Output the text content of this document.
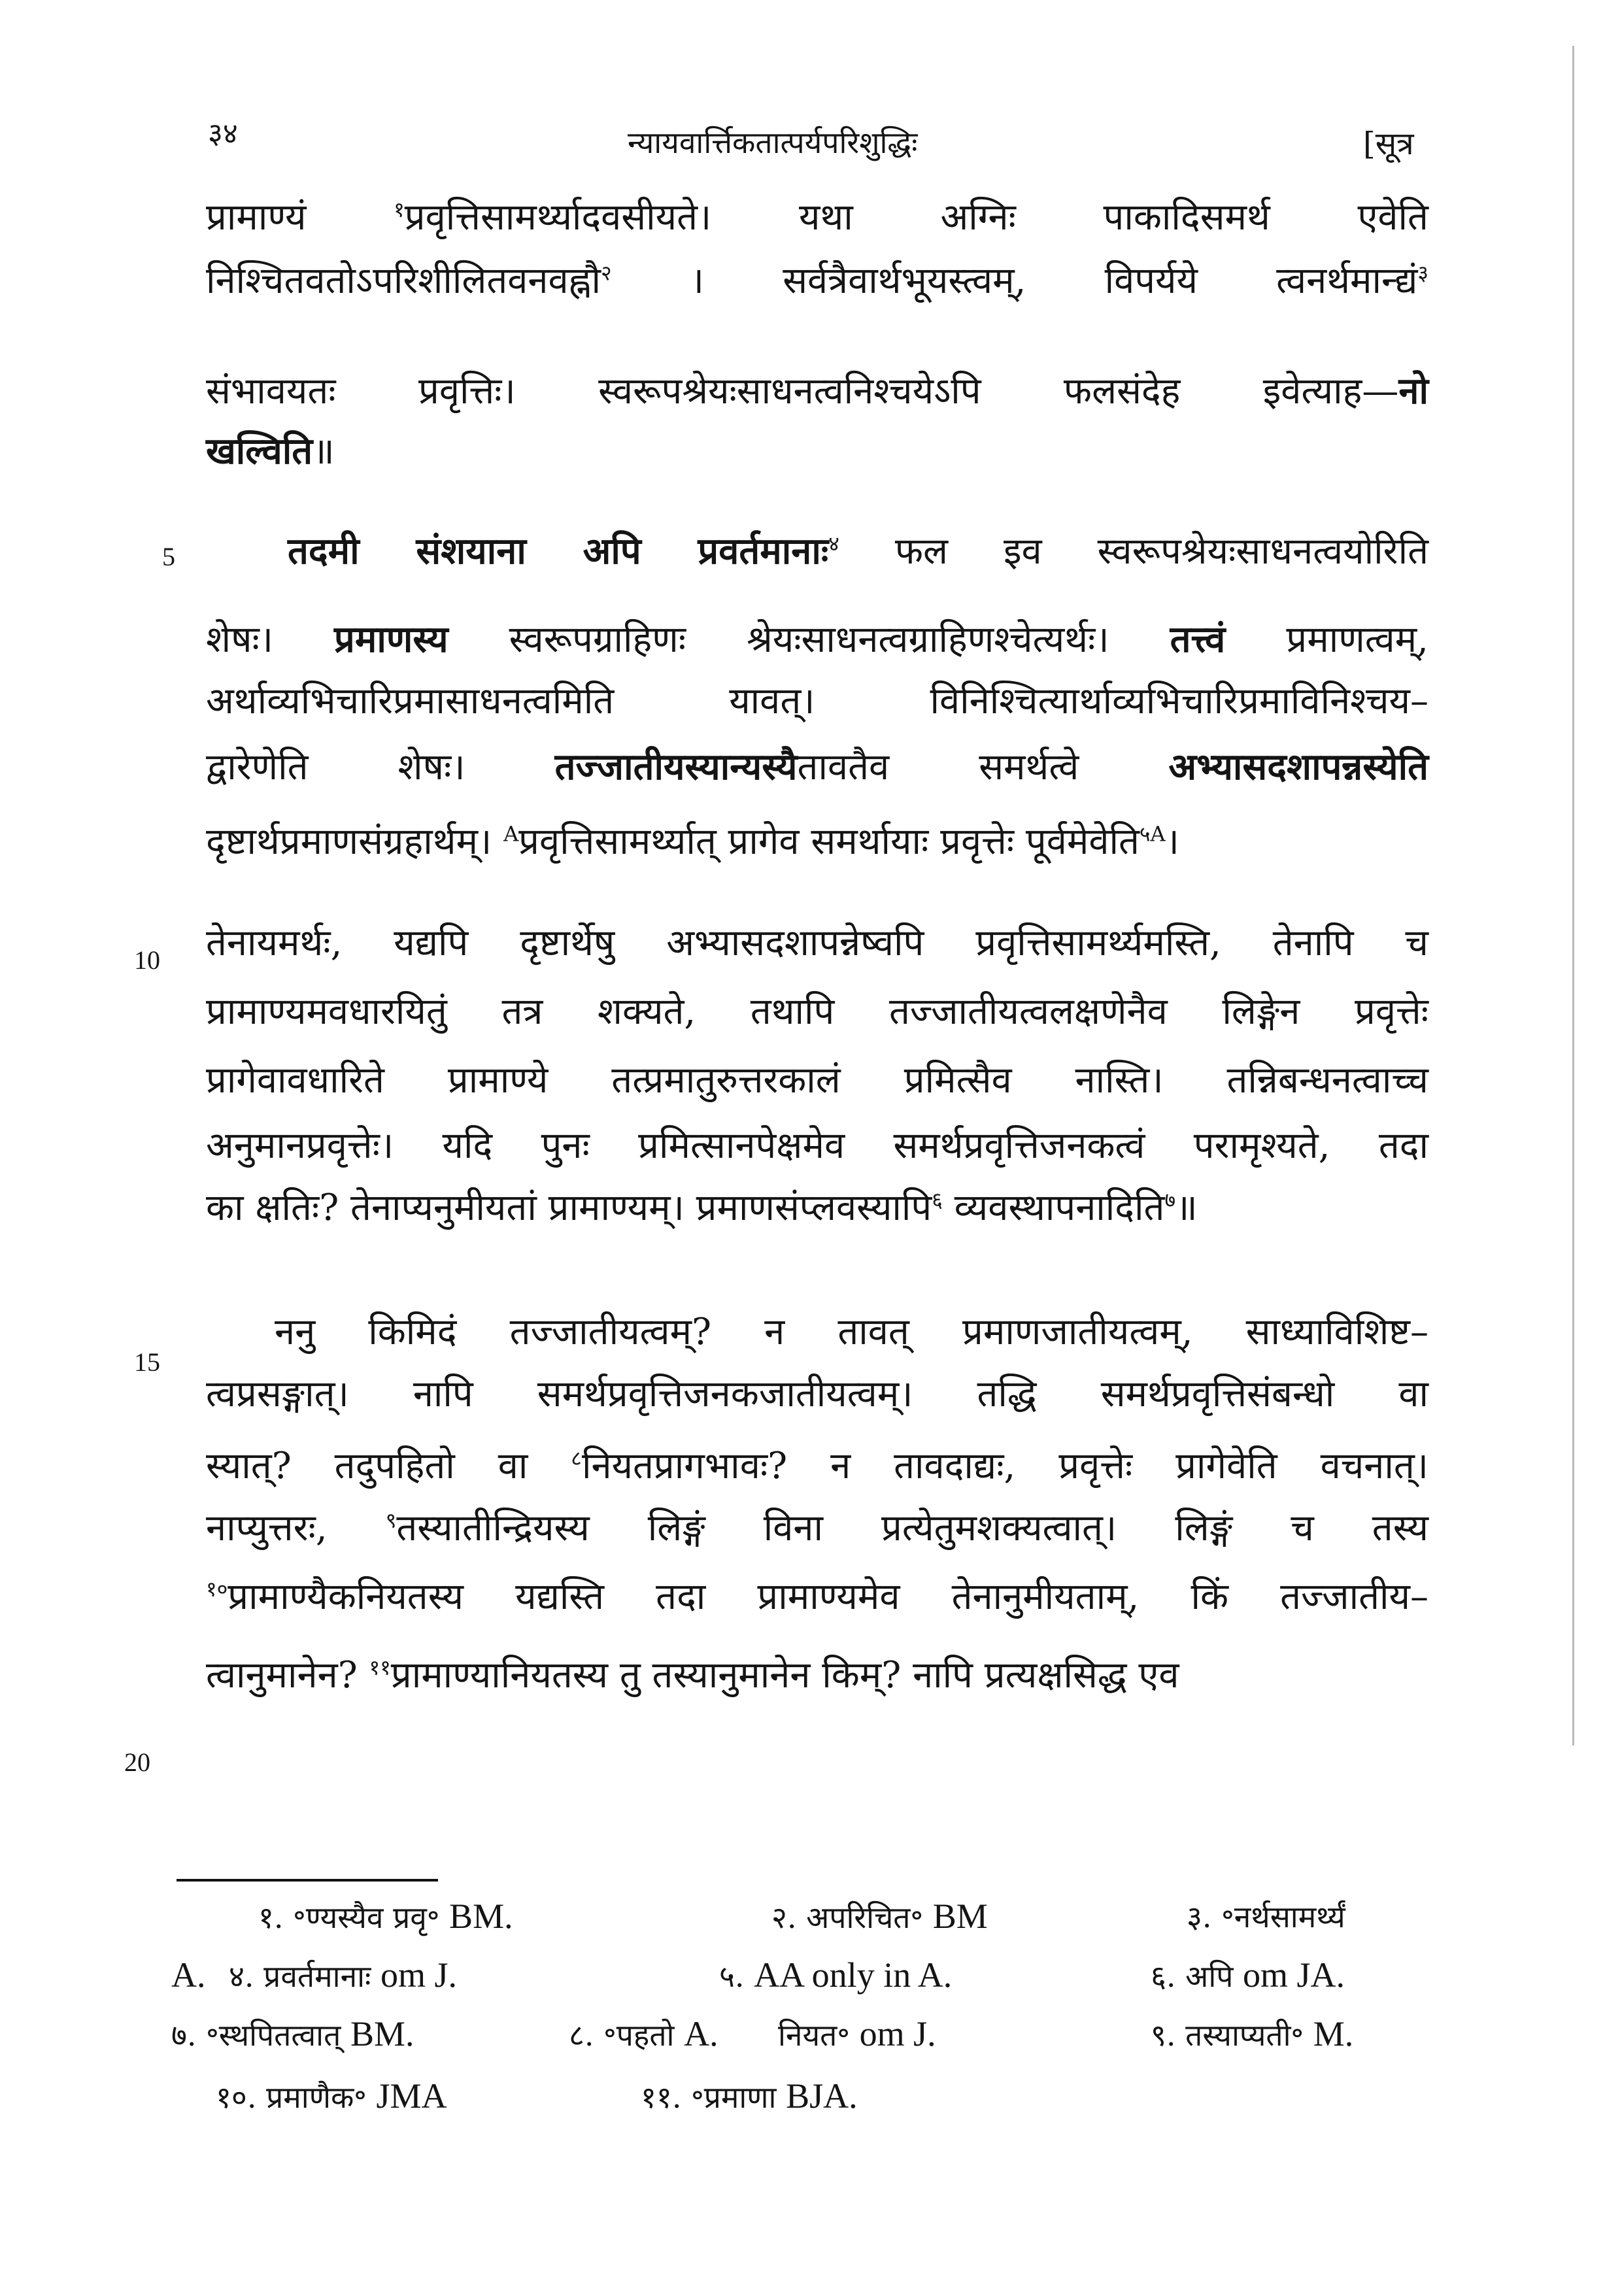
३४	न्यायवार्त्तिकतात्पर्यपरिशुद्धिः	[सूत्र
प्रामाण्यं $^१$प्रवृत्तिसामर्थ्यादवसीयते। यथा अग्निः पाकादिसमर्थ एवेति
निश्चितवतोऽपरिशीलितवनवह्नौ$^२$ । सर्वत्रैवार्थभूयस्त्वम्, विपर्यये त्वनर्थमान्द्यं$^३$
संभावयतः प्रवृत्तिः। स्वरूपश्रेयःसाधनत्वनिश्चयेऽपि फलसंदेह इवेत्याह—नो
खल्विति॥
तदमी संशयाना अपि प्रवर्तमानाः$^४$ फल इव स्वरूपश्रेयःसाधनत्वयोरिति
शेषः। प्रमाणस्य स्वरूपग्राहिणः श्रेयःसाधनत्वग्राहिणश्चेत्यर्थः। तत्त्वं प्रमाणत्वम्,
अर्थाव्यभिचारिप्रमासाधनत्वमिति यावत्। विनिश्चित्यार्थाव्यभिचारिप्रमाविनिश्चय–
द्वारेणेति शेषः। तज्जातीयस्यान्यस्यैतावतैव समर्थत्वे अभ्यासदशापन्नस्येति
दृष्टार्थप्रमाणसंग्रहार्थम्। $^A$प्रवृत्तिसामर्थ्यात् प्रागेव समर्थायाः प्रवृत्तेः पूर्वमेवेति$^{५A}$।
तेनायमर्थः, यद्यपि दृष्टार्थेषु अभ्यासदशापन्नेष्वपि प्रवृत्तिसामर्थ्यमस्ति, तेनापि च
प्रामाण्यमवधारयितुं तत्र शक्यते, तथापि तज्जातीयत्वलक्षणेनैव लिङ्गेन प्रवृत्तेः
प्रागेवावधारिते प्रामाण्ये तत्प्रमातुरुत्तरकालं प्रमित्सैव नास्ति। तन्निबन्धनत्वाच्च
अनुमानप्रवृत्तेः। यदि पुनः प्रमित्सानपेक्षमेव समर्थप्रवृत्तिजनकत्वं परामृश्यते, तदा
का क्षतिः? तेनाप्यनुमीयतां प्रामाण्यम्। प्रमाणसंप्लवस्यापि$^६$ व्यवस्थापनादिति$^७$॥
ननु किमिदं तज्जातीयत्वम्? न तावत् प्रमाणजातीयत्वम्, साध्याविशिष्ट–
त्वप्रसङ्गात्। नापि समर्थप्रवृत्तिजनकजातीयत्वम्। तद्धि समर्थप्रवृत्तिसंबन्धो वा
स्यात्? तदुपहितो वा $^८$नियतप्रागभावः? न तावदाद्यः, प्रवृत्तेः प्रागेवेति वचनात्।
नाप्युत्तरः, $^९$तस्यातीन्द्रियस्य लिङ्गं विना प्रत्येतुमशक्यत्वात्। लिङ्गं च तस्य
$^{१०}$प्रामाण्यैकनियतस्य यद्यस्ति तदा प्रामाण्यमेव तेनानुमीयताम्, किं तज्जातीय–
त्वानुमानेन? $^{११}$प्रामाण्यानियतस्य तु तस्यानुमानेन किम्? नापि प्रत्यक्षसिद्ध एव
5
10
15
20
१. ॰ण्यस्यैव प्रवृ॰ BM.	२. अपरिचित॰ BM	३. ॰नर्थसामर्थ्यं
A. ४. प्रवर्तमानाः om J.	५. AA only in A.	६. अपि om JA.
७. ॰स्थपितत्वात् BM.	८. ॰पहतो A. नियत॰ om J.	९. तस्याप्यती॰ M.
१०. प्रमाणैक॰ JMA	११. ॰प्रमाणा BJA.
